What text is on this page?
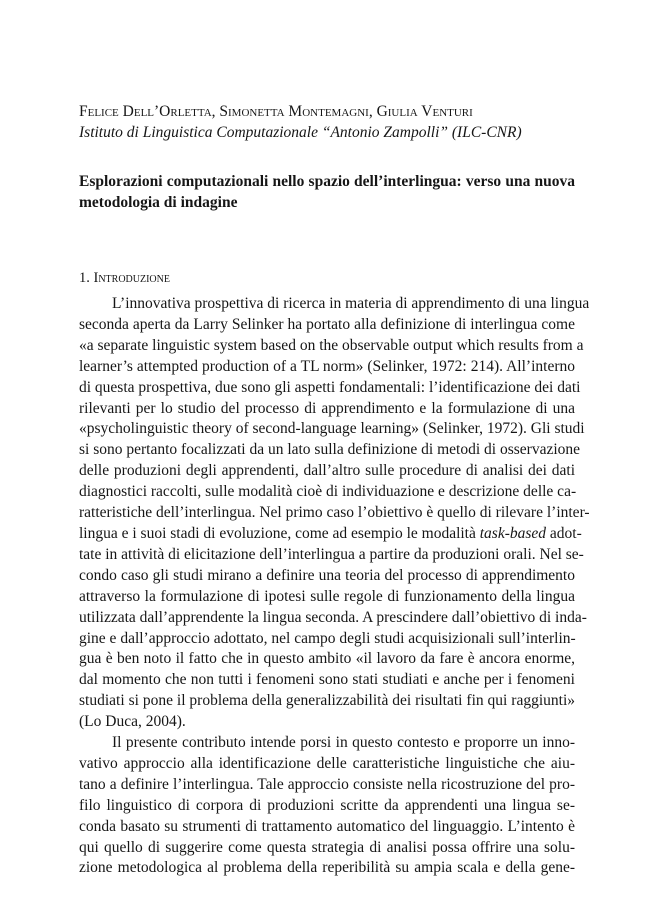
Felice Dell’Orletta, Simonetta Montemagni, Giulia Venturi
Istituto di Linguistica Computazionale “Antonio Zampolli” (ILC-CNR)
Esplorazioni computazionali nello spazio dell’interlingua: verso una nuova metodologia di indagine
1. Introduzione

L’innovativa prospettiva di ricerca in materia di apprendimento di una lingua
seconda aperta da Larry Selinker ha portato alla definizione di interlingua come
«a separate linguistic system based on the observable output which results from a
learner’s attempted production of a TL norm» (Selinker, 1972: 214). All’interno
di questa prospettiva, due sono gli aspetti fondamentali: l’identificazione dei dati
rilevanti per lo studio del processo di apprendimento e la formulazione di una
«psycholinguistic theory of second-language learning» (Selinker, 1972). Gli studi
si sono pertanto focalizzati da un lato sulla definizione di metodi di osservazione
delle produzioni degli apprendenti, dall’altro sulle procedure di analisi dei dati
diagnostici raccolti, sulle modalità cioè di individuazione e descrizione delle ca-
ratteristiche dell’interlingua. Nel primo caso l’obiettivo è quello di rilevare l’inter-
lingua e i suoi stadi di evoluzione, come ad esempio le modalità task-based adot-
tate in attività di elicitazione dell’interlingua a partire da produzioni orali. Nel se-
condo caso gli studi mirano a definire una teoria del processo di apprendimento
attraverso la formulazione di ipotesi sulle regole di funzionamento della lingua
utilizzata dall’apprendente la lingua seconda. A prescindere dall’obiettivo di inda-
gine e dall’approccio adottato, nel campo degli studi acquisizionali sull’interlin-
gua è ben noto il fatto che in questo ambito «il lavoro da fare è ancora enorme,
dal momento che non tutti i fenomeni sono stati studiati e anche per i fenomeni
studiati si pone il problema della generalizzabilità dei risultati fin qui raggiunti»
(Lo Duca, 2004).

Il presente contributo intende porsi in questo contesto e proporre un inno-
vativo approccio alla identificazione delle caratteristiche linguistiche che aiu-
tano a definire l’interlingua. Tale approccio consiste nella ricostruzione del pro-
filo linguistico di corpora di produzioni scritte da apprendenti una lingua se-
conda basato su strumenti di trattamento automatico del linguaggio. L’intento è
qui quello di suggerire come questa strategia di analisi possa offrire una solu-
zione metodologica al problema della reperibilità su ampia scala e della gene-
